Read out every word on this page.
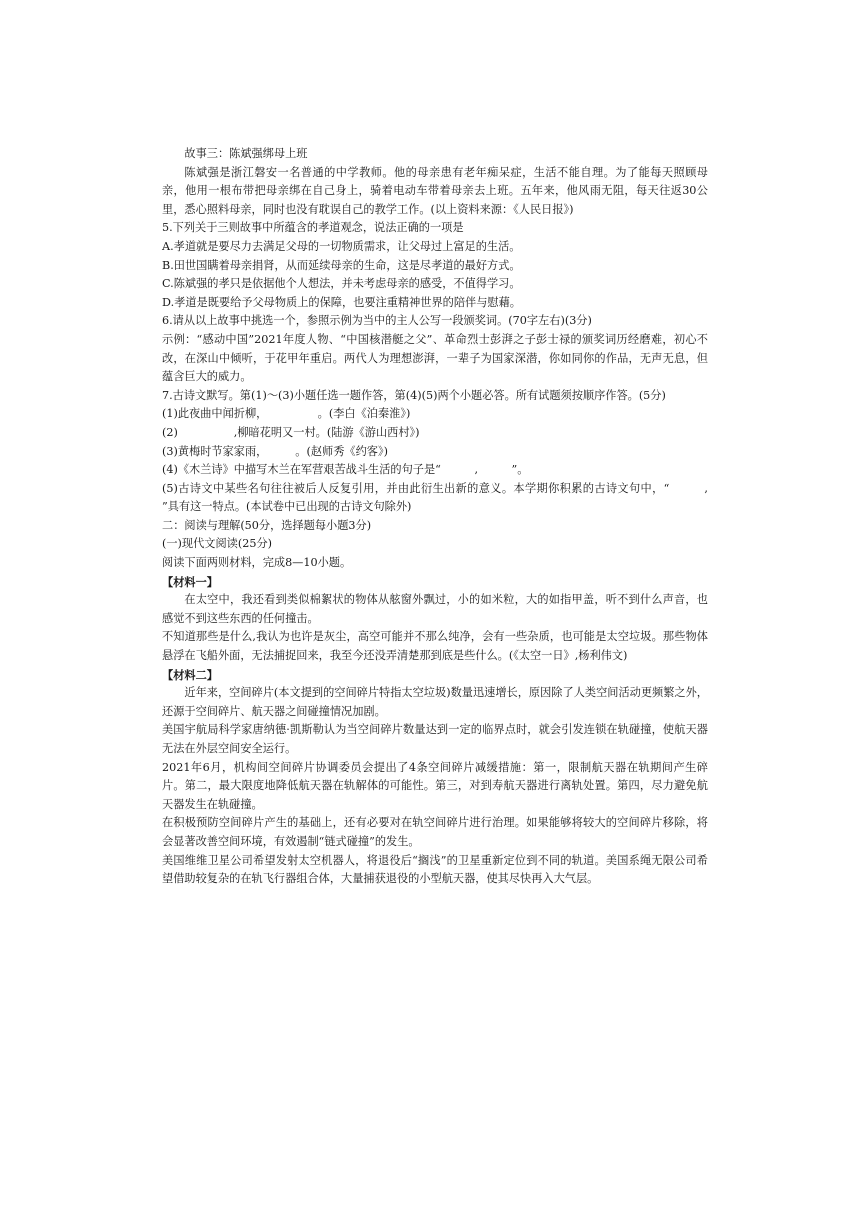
故事三：陈斌强绑母上班

陈斌强是浙江磐安一名普通的中学教师。他的母亲患有老年痴呆症，生活不能自理。为了能每天照顾母亲，他用一根布带把母亲绑在自己身上，骑着电动车带着母亲去上班。五年来，他风雨无阻，每天往返30公里，悉心照料母亲，同时也没有耽误自己的教学工作。(以上资料来源：《人民日报》)

5.下列关于三则故事中所蕴含的孝道观念，说法正确的一项是

A.孝道就是要尽力去满足父母的一切物质需求，让父母过上富足的生活。

B.田世国瞒着母亲捐肾，从而延续母亲的生命，这是尽孝道的最好方式。

C.陈斌强的孝只是依据他个人想法，并未考虑母亲的感受，不值得学习。

D.孝道是既要给予父母物质上的保障，也要注重精神世界的陪伴与慰藉。

6.请从以上故事中挑选一个，参照示例为当中的主人公写一段颁奖词。(70字左右)(3分)

示例：“感动中国”2021年度人物、“中国核潜艇之父”、革命烈士彭湃之子彭士禄的颁奖词历经磨难，初心不改，在深山中倾听，于花甲年重启。两代人为理想澎湃，一辈子为国家深潜，你如同你的作品，无声无息，但蕴含巨大的威力。

7.古诗文默写。第(1)～(3)小题任选一题作答，第(4)(5)两个小题必答。所有试题须按顺序作答。(5分)

(1)此夜曲中闻折柳，　　　　　。(李白《泊秦淮》)

(2)　　　　　,柳暗花明又一村。(陆游《游山西村》)

(3)黄梅时节家家雨，　　　。(赵师秀《约客》)

(4)《木兰诗》中描写木兰在军营艰苦战斗生活的句子是“　　　,　　　”。

(5)古诗文中某些名句往往被后人反复引用，并由此衍生出新的意义。本学期你积累的古诗文句中，“　　　,　　”具有这一特点。(本试卷中已出现的古诗文句除外)

二：阅读与理解(50分，选择题每小题3分)

(一)现代文阅读(25分)

阅读下面两则材料，完成8—10小题。

【材料一】

在太空中，我还看到类似棉絮状的物体从舷窗外飘过，小的如米粒，大的如指甲盖，听不到什么声音，也感觉不到这些东西的任何撞击。

不知道那些是什么,我认为也许是灰尘，高空可能并不那么纯净，会有一些杂质，也可能是太空垃圾。那些物体悬浮在飞船外面，无法捕捉回来，我至今还没弄清楚那到底是些什么。(《太空一日》,杨利伟文)

【材料二】

近年来，空间碎片(本文提到的空间碎片特指太空垃圾)数量迅速增长，原因除了人类空间活动更频繁之外，还源于空间碎片、航天器之间碰撞情况加剧。

美国宇航局科学家唐纳德·凯斯勒认为当空间碎片数量达到一定的临界点时，就会引发连锁在轨碰撞，使航天器无法在外层空间安全运行。

2021年6月，机构间空间碎片协调委员会提出了4条空间碎片减缓措施：第一，限制航天器在轨期间产生碎片。第二，最大限度地降低航天器在轨解体的可能性。第三，对到寿航天器进行离轨处置。第四，尽力避免航天器发生在轨碰撞。

在积极预防空间碎片产生的基础上，还有必要对在轨空间碎片进行治理。如果能够将较大的空间碎片移除，将会显著改善空间环境，有效遏制“链式碰撞”的发生。

美国维维卫星公司希望发射太空机器人，将退役后“搁浅”的卫星重新定位到不同的轨道。美国系绳无限公司希望借助较复杂的在轨飞行器组合体，大量捕获退役的小型航天器，使其尽快再入大气层。
